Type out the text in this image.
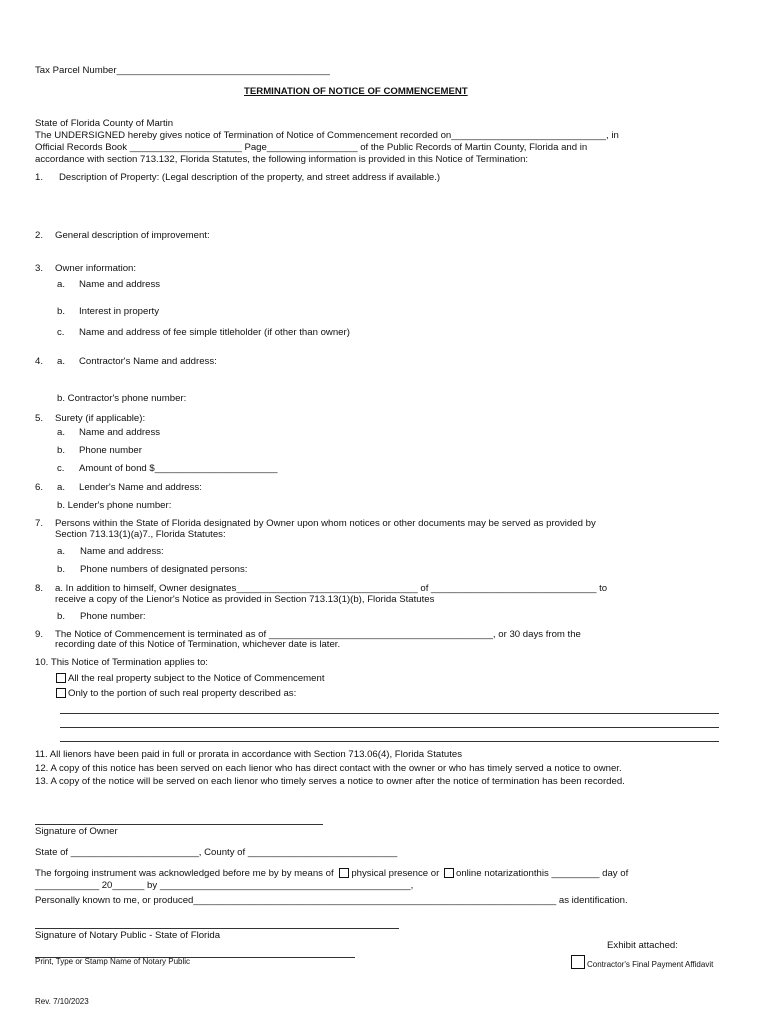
Tax Parcel Number________________________________________
TERMINATION OF NOTICE OF COMMENCEMENT
State of Florida County of Martin
The UNDERSIGNED hereby gives notice of Termination of Notice of Commencement recorded on_____________________________, in
Official Records Book _____________________ Page_________________ of the Public Records of Martin County, Florida and in
accordance with section 713.132, Florida Statutes, the following information is provided in this Notice of Termination:
1. Description of Property: (Legal description of the property, and street address if available.)
2. General description of improvement:
3. Owner information:
a. Name and address
b. Interest in property
c. Name and address of fee simple titleholder (if other than owner)
4. a. Contractor's Name and address:
b. Contractor's phone number:
5. Surety (if applicable):
a. Name and address
b. Phone number
c. Amount of bond $_______________________
6. a. Lender's Name and address:
b. Lender's phone number:
7. Persons within the State of Florida designated by Owner upon whom notices or other documents may be served as provided by
Section 713.13(1)(a)7., Florida Statutes:
a. Name and address:
b. Phone numbers of designated persons:
8. a. In addition to himself, Owner designates__________________________________ of _______________________________ to
receive a copy of the Lienor's Notice as provided in Section 713.13(1)(b), Florida Statutes
b. Phone number:
9. The Notice of Commencement is terminated as of __________________________________________, or 30 days from the
recording date of this Notice of Termination, whichever date is later.
10. This Notice of Termination applies to:
All the real property subject to the Notice of Commencement
Only to the portion of such real property described as:
11. All lienors have been paid in full or prorata in accordance with Section 713.06(4), Florida Statutes
12. A copy of this notice has been served on each lienor who has direct contact with the owner or who has timely served a notice to owner.
13. A copy of the notice will be served on each lienor who timely serves a notice to owner after the notice of termination has been recorded.
Signature of Owner
State of ________________________, County of ____________________________
The forgoing instrument was acknowledged before me by by means of physical presence or online notarizationthis _________ day of
____________ 20______ by _______________________________________________,
Personally known to me, or produced____________________________________________________________________ as identification.
Signature of Notary Public - State of Florida
Exhibit attached:
Print, Type or Stamp Name of Notary Public	Contractor's Final Payment Affidavit
Rev. 7/10/2023
